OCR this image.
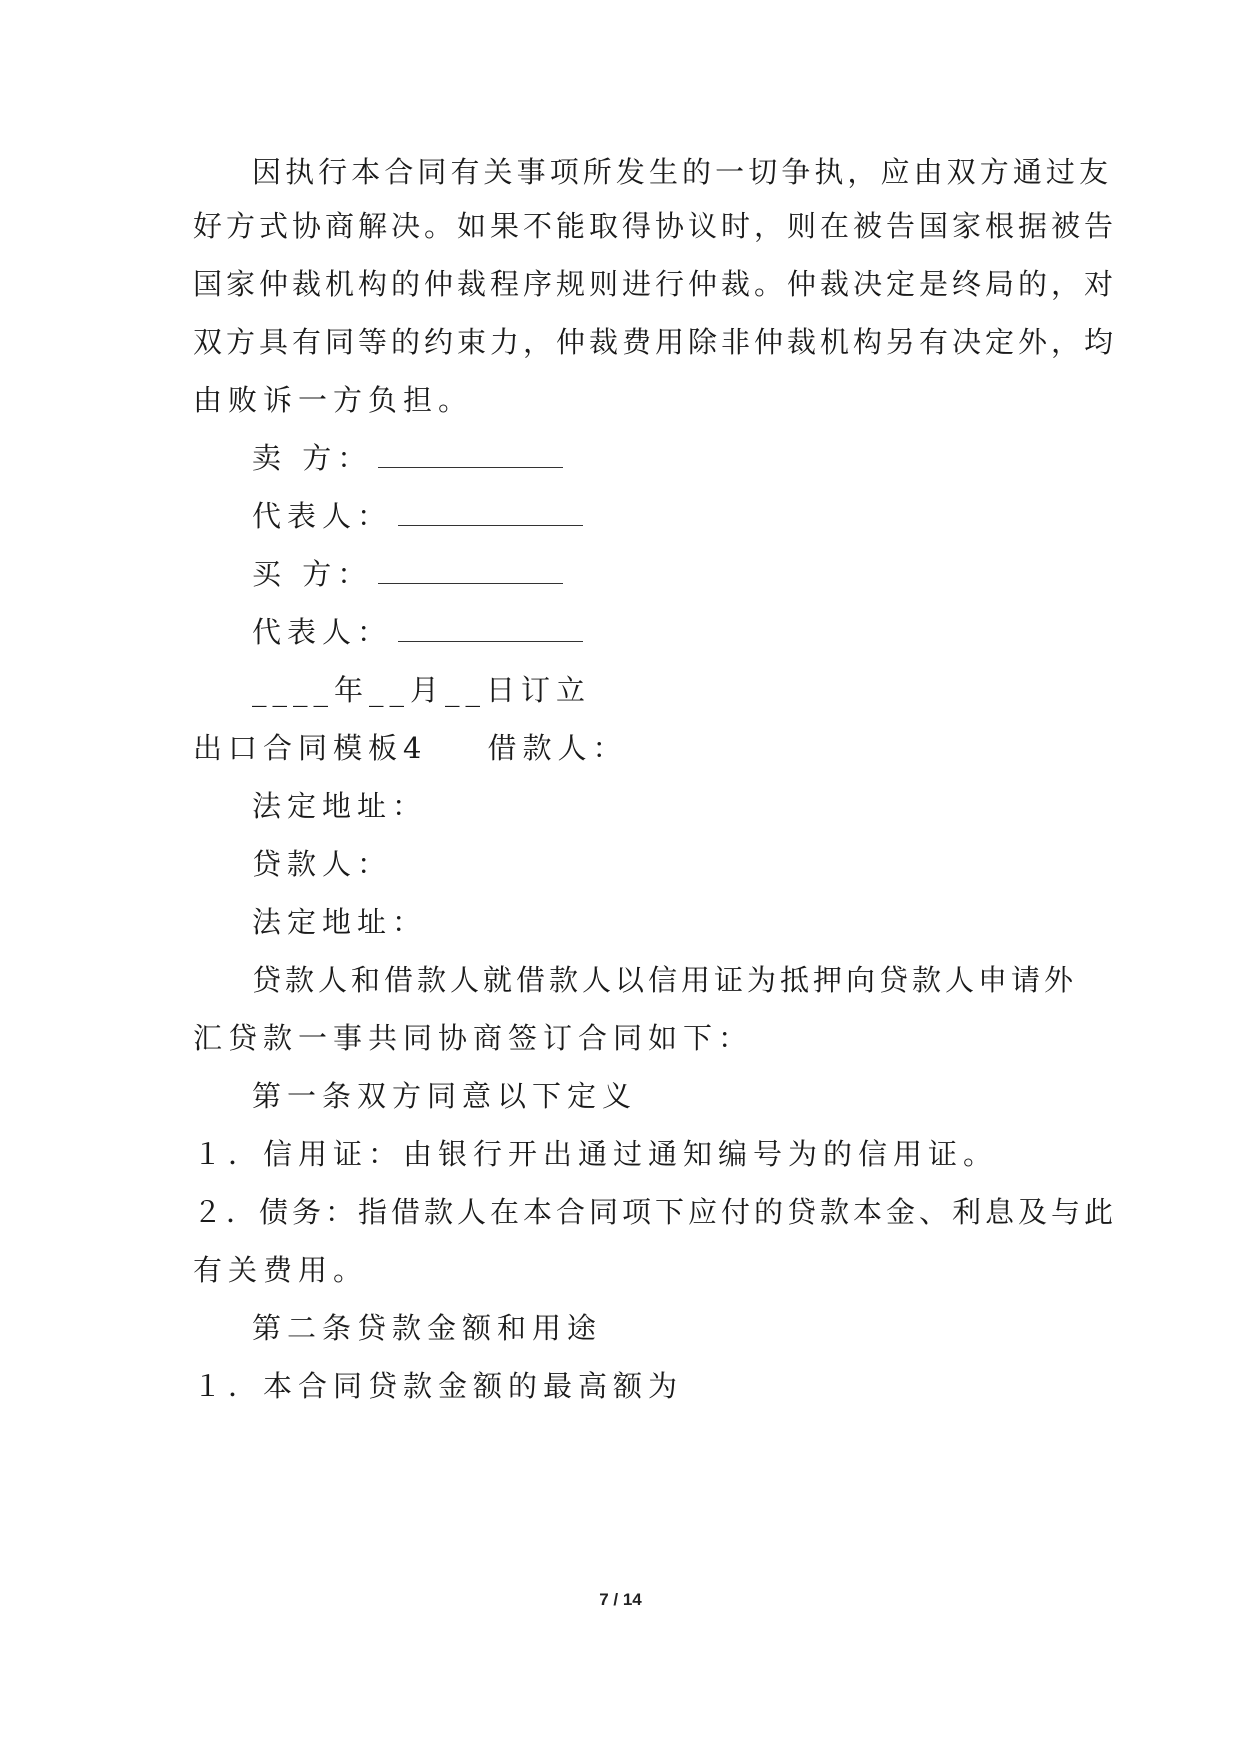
因执行本合同有关事项所发生的一切争执，应由双方通过友
好方式协商解决。如果不能取得协议时，则在被告国家根据被告
国家仲裁机构的仲裁程序规则进行仲裁。仲裁决定是终局的，对
双方具有同等的约束力，仲裁费用除非仲裁机构另有决定外，均
由败诉一方负担。
卖 方：
代表人：
买 方：
代表人：
____年__月__日订立
出口合同模板4 借款人：
法定地址：
贷款人：
法定地址：
贷款人和借款人就借款人以信用证为抵押向贷款人申请外
汇贷款一事共同协商签订合同如下：
第一条双方同意以下定义
１．信用证：由银行开出通过通知编号为的信用证。
２．债务：指借款人在本合同项下应付的贷款本金、利息及与此
有关费用。
第二条贷款金额和用途
１．本合同贷款金额的最高额为
7 / 14
